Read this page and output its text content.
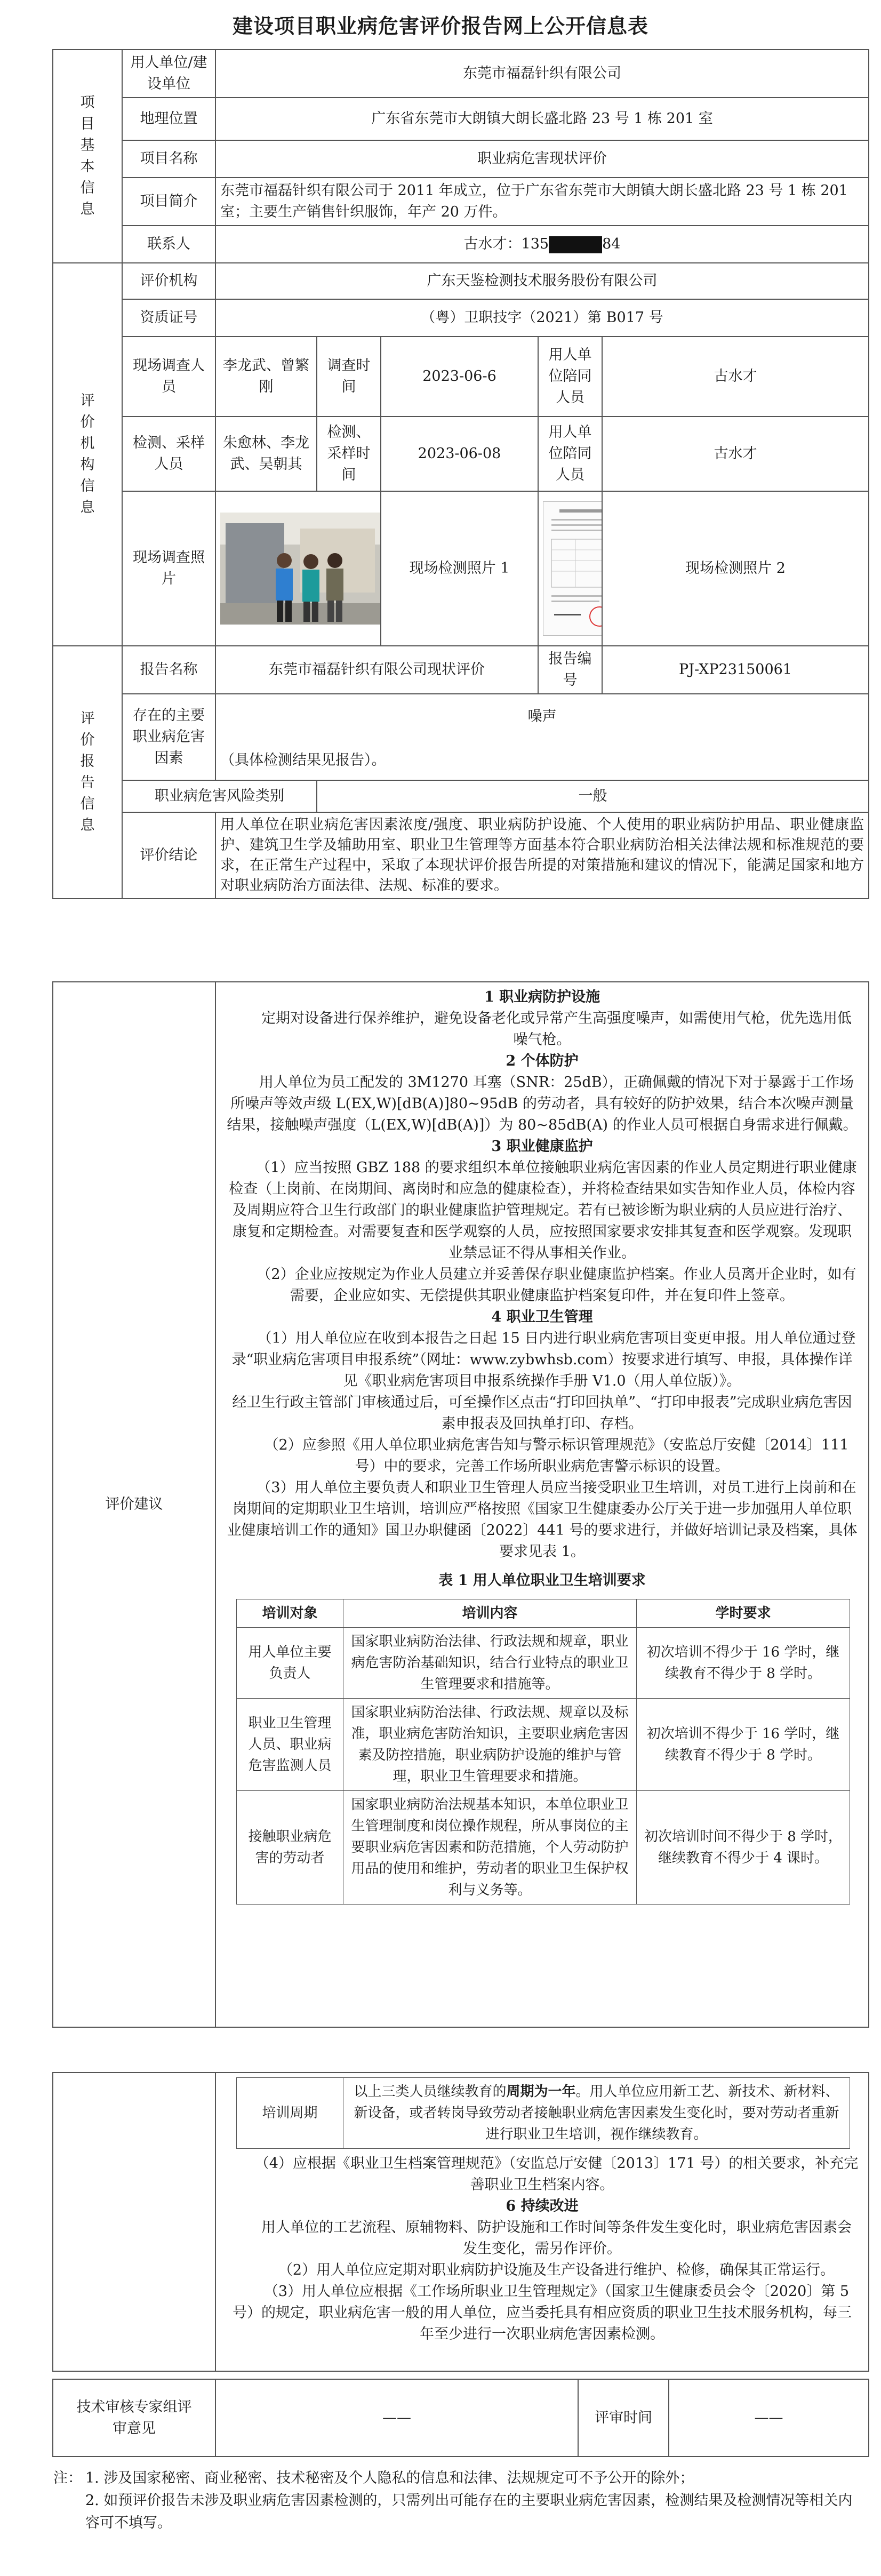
建设项目职业病危害评价报告网上公开信息表
项目基本信息	用人单位/建设单位	东莞市福磊针织有限公司					
	地理位置	广东省东莞市大朗镇大朗长盛北路 23 号 1 栋 201 室					
	项目名称	职业病危害现状评价					
	项目简介	东莞市福磊针织有限公司于 2011 年成立，位于广东省东莞市大朗镇大朗长盛北路 23 号 1 栋 201 室；主要生产销售针织服饰，年产 20 万件。					
	联系人	古水才：135 84					
评价机构信息	评价机构	广东天鉴检测技术服务股份有限公司					
	资质证号	（粤）卫职技字（2021）第 B017 号					
	现场调查人员	李龙武、曾繁刚	调查时间	2023-06-6	用人单位陪同人员	古水才	
	检测、采样人员	朱愈林、李龙武、吴朝其	检测、采样时间	2023-06-08	用人单位陪同人员	古水才	
	现场调查照片			现场检测照片 1		现场检测照片 2	
评价报告信息	报告名称	东莞市福磊针织有限公司现状评价			报告编号	PJ-XP23150061	
	存在的主要职业病危害因素	噪声
（具体检测结果见报告）。					

	职业病危害风险类别		一般				
	评价结论	用人单位在职业病危害因素浓度/强度、职业病防护设施、个人使用的职业病防护用品、职业健康监护、建筑卫生学及辅助用室、职业卫生管理等方面基本符合职业病防治相关法律法规和标准规范的要求，在正常生产过程中，采取了本现状评价报告所提的对策措施和建议的情况下，能满足国家和地方对职业病防治方面法律、法规、标准的要求。					
评价建议	
1 职业病防护设施

定期对设备进行保养维护，避免设备老化或异常产生高强度噪声，如需使用气枪，优先选用低噪气枪。

2 个体防护

用人单位为员工配发的 3M1270 耳塞（SNR：25dB），正确佩戴的情况下对于暴露于工作场所噪声等效声级 L(EX,W)[dB(A)]80~95dB 的劳动者，具有较好的防护效果，结合本次噪声测量结果，接触噪声强度（L(EX,W)[dB(A)]）为 80~85dB(A) 的作业人员可根据自身需求进行佩戴。

3 职业健康监护

（1）应当按照 GBZ 188 的要求组织本单位接触职业病危害因素的作业人员定期进行职业健康检查（上岗前、在岗期间、离岗时和应急的健康检查），并将检查结果如实告知作业人员，体检内容及周期应符合卫生行政部门的职业健康监护管理规定。若有已被诊断为职业病的人员应进行治疗、康复和定期检查。对需要复查和医学观察的人员，应按照国家要求安排其复查和医学观察。发现职业禁忌证不得从事相关作业。

（2）企业应按规定为作业人员建立并妥善保存职业健康监护档案。作业人员离开企业时，如有需要，企业应如实、无偿提供其职业健康监护档案复印件，并在复印件上签章。

4 职业卫生管理

（1）用人单位应在收到本报告之日起 15 日内进行职业病危害项目变更申报。用人单位通过登录“职业病危害项目申报系统”（网址：www.zybwhsb.com）按要求进行填写、申报，具体操作详见《职业病危害项目申报系统操作手册 V1.0（用人单位版）》。

经卫生行政主管部门审核通过后，可至操作区点击“打印回执单”、“打印申报表”完成职业病危害因素申报表及回执单打印、存档。

（2）应参照《用人单位职业病危害告知与警示标识管理规范》（安监总厅安健〔2014〕111 号）中的要求，完善工作场所职业病危害警示标识的设置。

（3）用人单位主要负责人和职业卫生管理人员应当接受职业卫生培训，对员工进行上岗前和在岗期间的定期职业卫生培训，培训应严格按照《国家卫生健康委办公厅关于进一步加强用人单位职业健康培训工作的通知》国卫办职健函〔2022〕441 号的要求进行，并做好培训记录及档案，具体要求见表 1。

表 1 用人单位职业卫生培训要求
培训对象	培训内容	学时要求
用人单位主要负责人	国家职业病防治法律、行政法规和规章，职业病危害防治基础知识，结合行业特点的职业卫生管理要求和措施等。	初次培训不得少于 16 学时，继续教育不得少于 8 学时。
职业卫生管理人员、职业病危害监测人员	国家职业病防治法律、行政法规、规章以及标准，职业病危害防治知识，主要职业病危害因素及防控措施，职业病防护设施的维护与管理，职业卫生管理要求和措施。	初次培训不得少于 16 学时，继续教育不得少于 8 学时。
接触职业病危害的劳动者	国家职业病防治法规基本知识，本单位职业卫生管理制度和岗位操作规程，所从事岗位的主要职业病危害因素和防范措施，个人劳动防护用品的使用和维护，劳动者的职业卫生保护权利与义务等。	初次培训时间不得少于 8 学时，继续教育不得少于 4 课时。

培训周期	以上三类人员继续教育的周期为一年。用人单位应用新工艺、新技术、新材料、新设备，或者转岗导致劳动者接触职业病危害因素发生变化时，要对劳动者重新进行职业卫生培训，视作继续教育。

（4）应根据《职业卫生档案管理规范》（安监总厅安健〔2013〕171 号）的相关要求，补充完善职业卫生档案内容。

6 持续改进

用人单位的工艺流程、原辅物料、防护设施和工作时间等条件发生变化时，职业病危害因素会发生变化，需另作评价。

（2）用人单位应定期对职业病防护设施及生产设备进行维护、检修，确保其正常运行。

（3）用人单位应根据《工作场所职业卫生管理规定》（国家卫生健康委员会令〔2020〕第 5 号）的规定，职业病危害一般的用人单位，应当委托具有相应资质的职业卫生技术服务机构，每三年至少进行一次职业病危害因素检测。

技术审核专家组评审意见	——	评审时间	——
注： 1. 涉及国家秘密、商业秘密、技术秘密及个人隐私的信息和法律、法规规定可不予公开的除外；
2. 如预评价报告未涉及职业病危害因素检测的，只需列出可能存在的主要职业病危害因素，检测结果及检测情况等相关内容可不填写。
